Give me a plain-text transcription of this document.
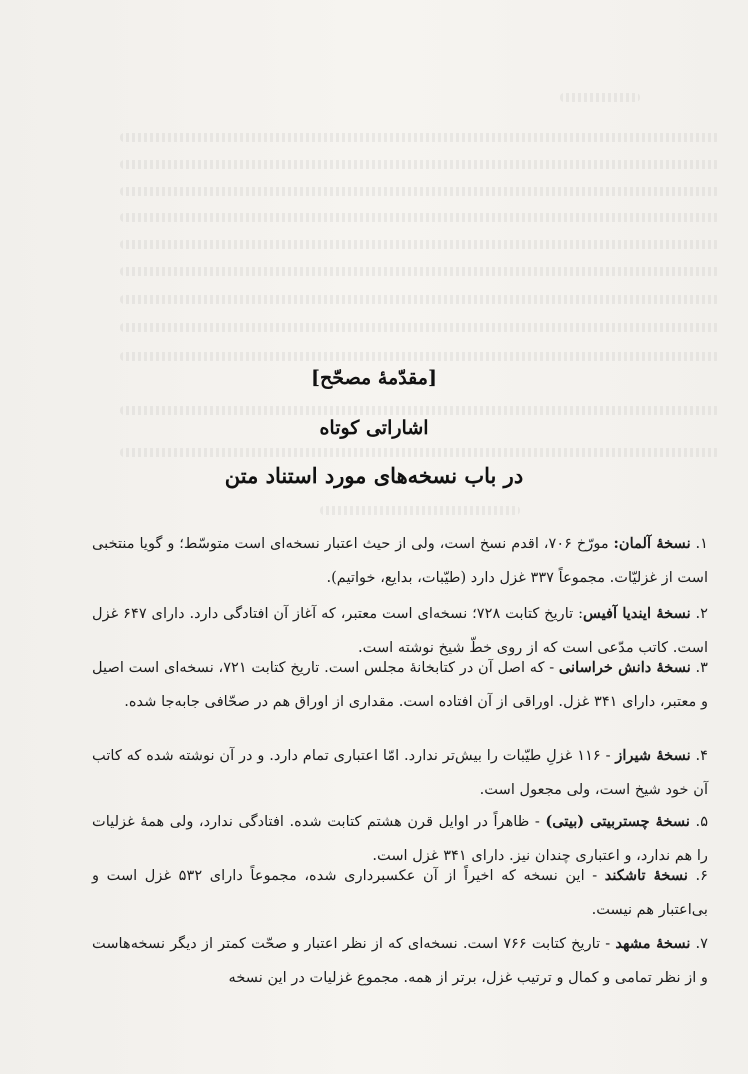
[مقدّمهٔ مصحّح]
اشاراتی کوتاه
در باب نسخه‌های مورد استناد متن
۱. نسخهٔ آلمان: مورّخ ۷۰۶، اقدم نسخ است، ولی از حیث اعتبار نسخه‌ای است متوسّط؛ و گویا منتخبی است از غزلیّات. مجموعاً ۳۳۷ غزل دارد (طیّبات، بدایع، خواتیم).
۲. نسخهٔ ایندیا آفیس: تاریخ کتابت ۷۲۸؛ نسخه‌ای است معتبر، که آغاز آن افتادگی دارد. دارای ۶۴۷ غزل است. کاتب مدّعی است که از روی خطّ شیخ نوشته است.
۳. نسخهٔ دانش خراسانی - که اصل آن در کتابخانهٔ مجلس است. تاریخ کتابت ۷۲۱، نسخه‌ای است اصیل و معتبر، دارای ۳۴۱ غزل. اوراقی از آن افتاده است. مقداری از اوراق هم در صحّافی جابه‌جا شده.
۴. نسخهٔ شیراز - ۱۱۶ غزلِ طیّبات را بیش‌تر ندارد. امّا اعتباری تمام دارد. و در آن نوشته شده که کاتب آن خود شیخ است، ولی مجعول است.
۵. نسخهٔ چستربیتی (بیتی) - ظاهراً در اوایل قرن هشتم کتابت شده. افتادگی ندارد، ولی همهٔ غزلیات را هم ندارد، و اعتباری چندان نیز. دارای ۳۴۱ غزل است.
۶. نسخهٔ تاشکند - این نسخه که اخیراً از آن عکسبرداری شده، مجموعاً دارای ۵۳۲ غزل است و بی‌اعتبار هم نیست.
۷. نسخهٔ مشهد - تاریخ کتابت ۷۶۶ است. نسخه‌ای که از نظر اعتبار و صحّت کمتر از دیگر نسخه‌هاست و از نظر تمامی و کمال و ترتیب غزل، برتر از همه. مجموع غزلیات در این نسخه
